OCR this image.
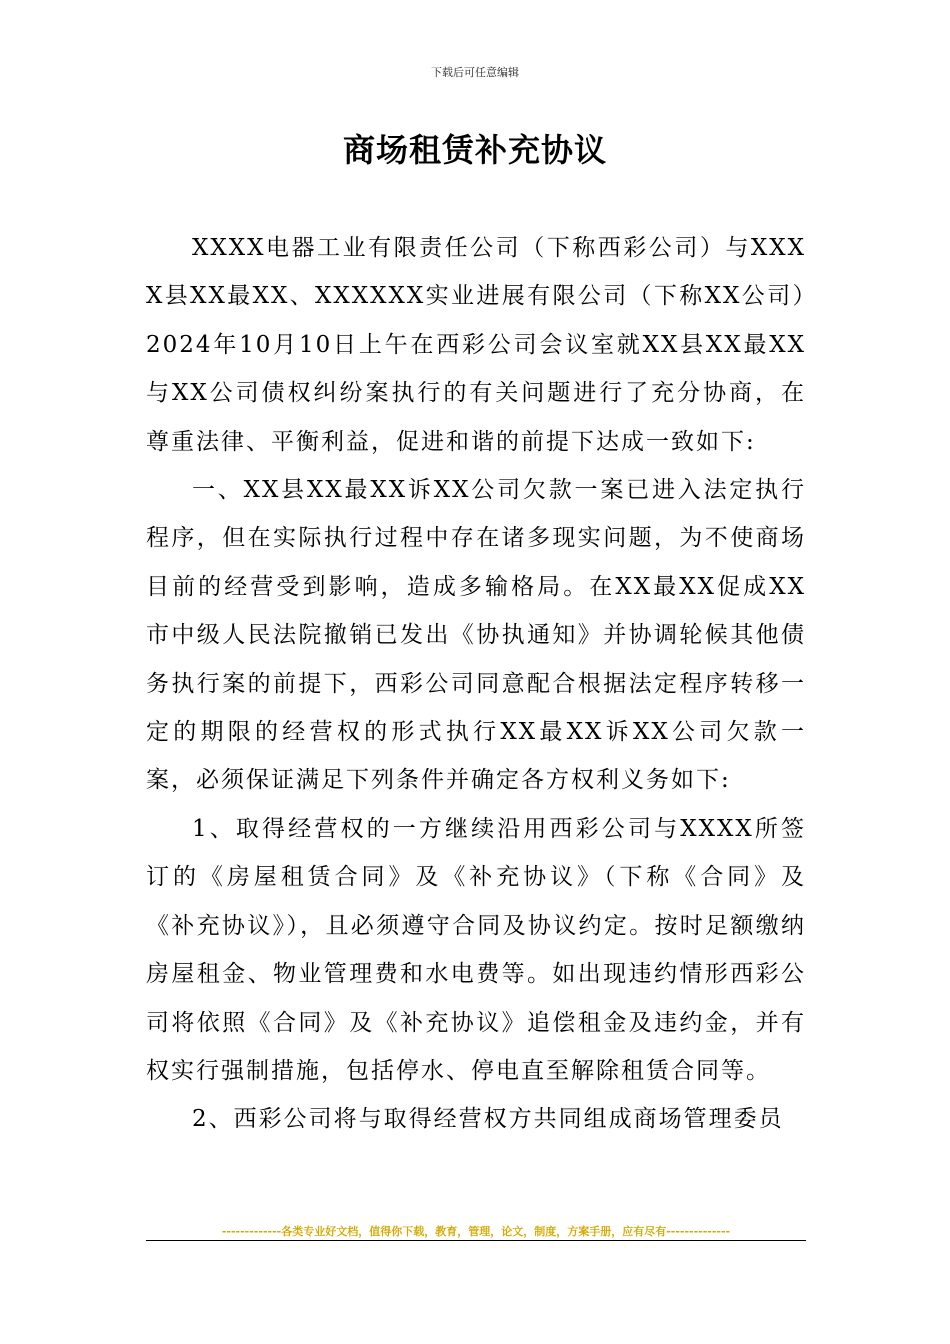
下载后可任意编辑
商场租赁补充协议

XXXX电器工业有限责任公司（下称西彩公司）与XXXX县XX最XX、XXXXXX实业进展有限公司（下称XX公司）2024年10月10日上午在西彩公司会议室就XX县XX最XX与XX公司债权纠纷案执行的有关问题进行了充分协商，在尊重法律、平衡利益，促进和谐的前提下达成一致如下:

一、XX县XX最XX诉XX公司欠款一案已进入法定执行程序，但在实际执行过程中存在诸多现实问题，为不使商场目前的经营受到影响，造成多输格局。在XX最XX促成XX市中级人民法院撤销已发出《协执通知》并协调轮候其他债务执行案的前提下，西彩公司同意配合根据法定程序转移一定的期限的经营权的形式执行XX最XX诉XX公司欠款一案，必须保证满足下列条件并确定各方权利义务如下:

1、取得经营权的一方继续沿用西彩公司与XXXX所签订的《房屋租赁合同》及《补充协议》（下称《合同》及《补充协议》），且必须遵守合同及协议约定。按时足额缴纳房屋租金、物业管理费和水电费等。如出现违约情形西彩公司将依照《合同》及《补充协议》追偿租金及违约金，并有权实行强制措施，包括停水、停电直至解除租赁合同等。

2、西彩公司将与取得经营权方共同组成商场管理委员

-------------各类专业好文档，值得你下载，教育，管理，论文，制度，方案手册，应有尽有--------------
